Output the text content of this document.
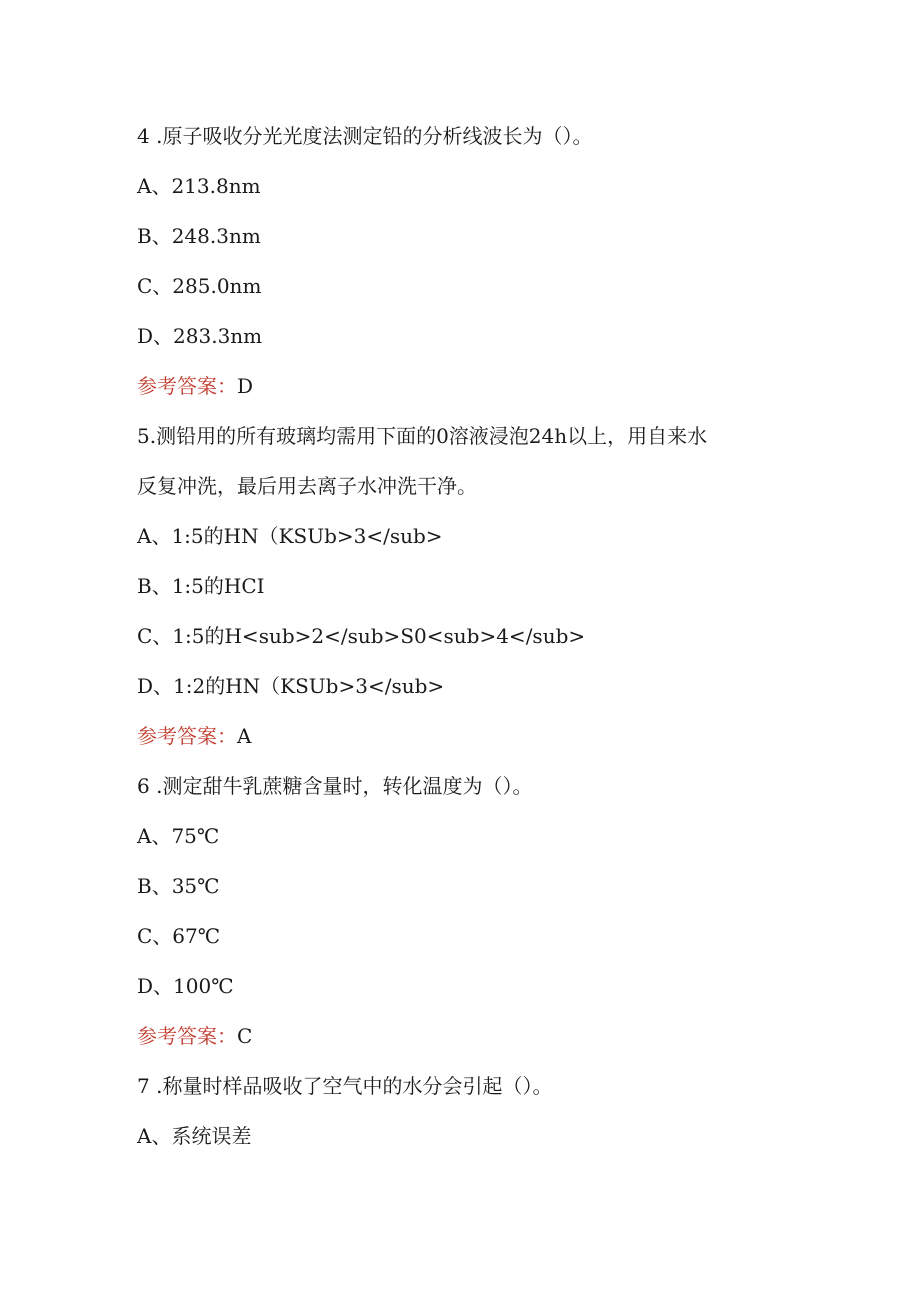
4 .原子吸收分光光度法测定铅的分析线波长为（）。
A、213.8nm
B、248.3nm
C、285.0nm
D、283.3nm
参考答案：D
5.测铅用的所有玻璃均需用下面的0溶液浸泡24h以上，用自来水
反复冲洗，最后用去离子水冲洗干净。
A、1:5的HN（KSUb>3</sub>
B、1:5的HCI
C、1:5的H<sub>2</sub>S0<sub>4</sub>
D、1:2的HN（KSUb>3</sub>
参考答案：A
6 .测定甜牛乳蔗糖含量时，转化温度为（）。
A、75℃
B、35℃
C、67℃
D、100℃
参考答案：C
7 .称量时样品吸收了空气中的水分会引起（）。
A、系统误差
